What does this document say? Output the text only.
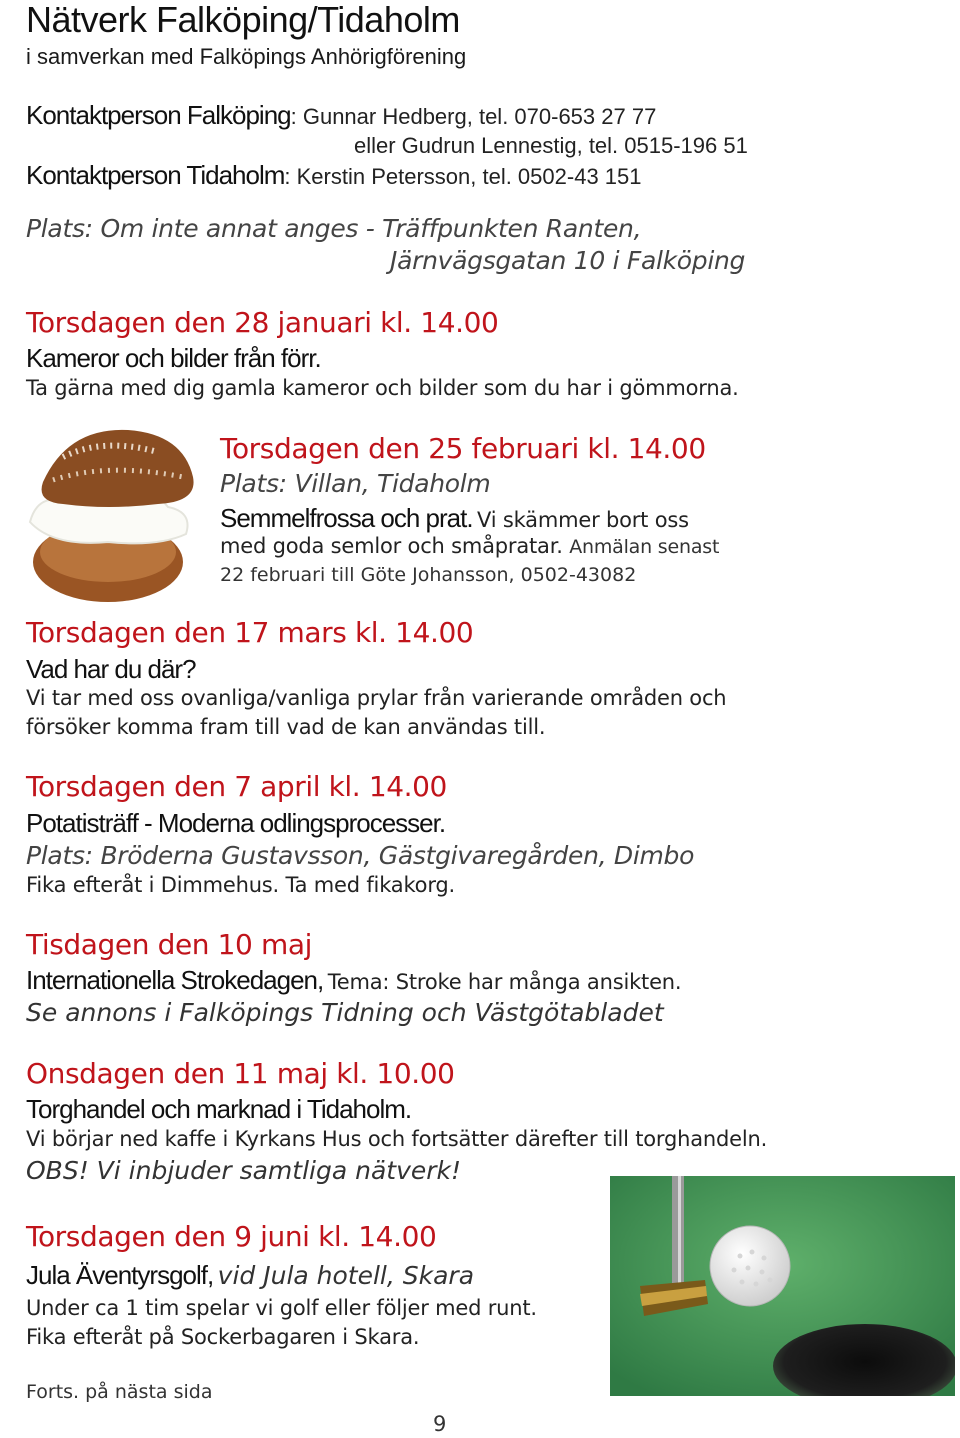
Nätverk Falköping/Tidaholm
i samverkan med Falköpings Anhörigförening
Kontaktperson Falköping: Gunnar Hedberg, tel. 070-653 27 77
eller Gudrun Lennestig, tel. 0515-196 51
Kontaktperson Tidaholm: Kerstin Petersson, tel. 0502-43 151
Plats: Om inte annat anges - Träffpunkten Ranten,
Järnvägsgatan 10 i Falköping
Torsdagen den 28 januari kl. 14.00
Kameror och bilder från förr.
Ta gärna med dig gamla kameror och bilder som du har i gömmorna.
Torsdagen den 25 februari kl. 14.00
Plats: Villan, Tidaholm
Semmelfrossa och prat. Vi skämmer bort oss
med goda semlor och småpratar. Anmälan senast
22 februari till Göte Johansson, 0502-43082
Torsdagen den 17 mars kl. 14.00
Vad har du där?
Vi tar med oss ovanliga/vanliga prylar från varierande områden och
försöker komma fram till vad de kan användas till.
Torsdagen den 7 april kl. 14.00
Potatisträff - Moderna odlingsprocesser.
Plats: Bröderna Gustavsson, Gästgivaregården, Dimbo
Fika efteråt i Dimmehus. Ta med fikakorg.
Tisdagen den 10 maj
Internationella Strokedagen, Tema: Stroke har många ansikten.
Se annons i Falköpings Tidning och Västgötabladet
Onsdagen den 11 maj kl. 10.00
Torghandel och marknad i Tidaholm.
Vi börjar ned kaffe i Kyrkans Hus och fortsätter därefter till torghandeln.
OBS! Vi inbjuder samtliga nätverk!
Torsdagen den 9 juni kl. 14.00
Jula Äventyrsgolf, vid Jula hotell, Skara
Under ca 1 tim spelar vi golf eller följer med runt.
Fika efteråt på Sockerbagaren i Skara.
Forts. på nästa sida
9
